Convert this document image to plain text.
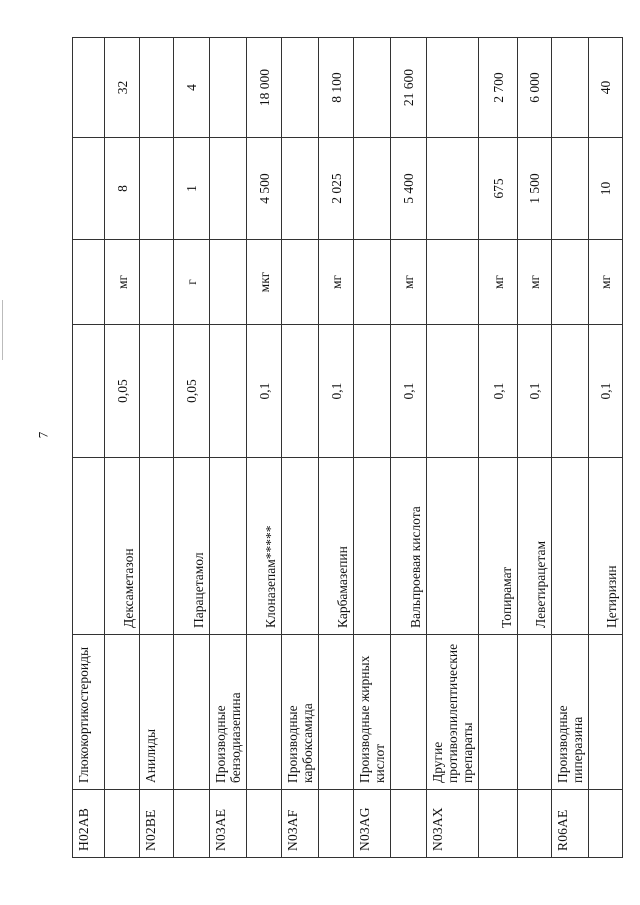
7
H02AB	Глюкокортикостероиды					
		Дексаметазон	0,05	мг	8	32
N02BE	Анилиды					
		Парацетамол	0,05	г	1	4
N03AE	Производные бензодиазепина					
		Клоназепам*****	0,1	мкг	4 500	18 000
N03AF	Производные карбоксамида					
		Карбамазепин	0,1	мг	2 025	8 100
N03AG	Производные жирных кислот					
		Вальпроевая кислота	0,1	мг	5 400	21 600
N03AX	Другие противоэпилептические препараты					
		Топирамат	0,1	мг	675	2 700
		Леветирацетам	0,1	мг	1 500	6 000
R06AE	Производные пиперазина					
		Цетиризин	0,1	мг	10	40
